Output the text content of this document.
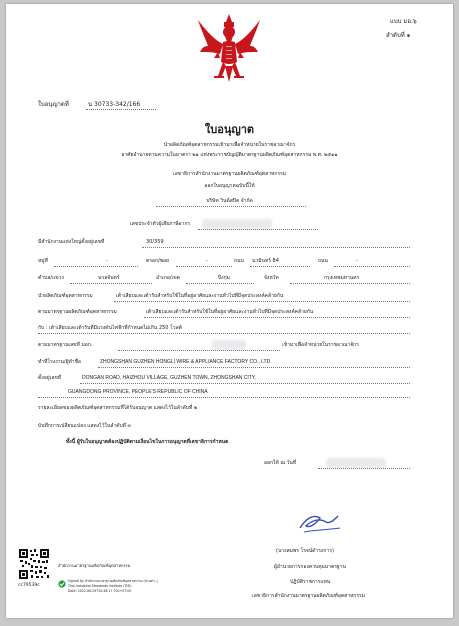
แบบ มอ.๖
ลำดับที่ ๑
ใบอนุญาตที่	น 30733-342/166
ใบอนุญาต
นำผลิตภัณฑ์อุตสาหกรรมเข้ามาเพื่อจำหน่ายในราชอาณาจักร
อาศัยอำนาจตามความในมาตรา ๒๑ แห่งพระราชบัญญัติมาตรฐานผลิตภัณฑ์อุตสาหกรรม พ.ศ. ๒๕๑๑
เลขาธิการสำนักงานมาตรฐานผลิตภัณฑ์อุตสาหกรรม
ออกใบอนุญาตฉบับนี้ให้
บริษัท วินด์สปิด จำกัด
เลขประจำตัวผู้เสียภาษีอากร
มีสำนักงานแห่งใหญ่ตั้งอยู่เลขที่	30/359
หมู่ที่	-	ตรอก/ซอย	-	ถนน นวมินทร์ 84	ถนน	-
ตำบล/แขวง	นวลจันทร์	อำเภอ/เขต	บึงกุ่ม	จังหวัด	กรุงเทพมหานคร
นำผลิตภัณฑ์อุตสาหกรรม	เต้าเสียบและเต้ารับสำหรับใช้ในที่อยู่อาศัยและงานทั่วไปที่มีจุดประสงค์คล้ายกัน
ตามมาตรฐานผลิตภัณฑ์อุตสาหกรรม	เต้าเสียบและเต้ารับสำหรับใช้ในที่อยู่อาศัยและงานทั่วไปที่มีจุดประสงค์คล้ายกัน
กับ : เต้าเสียบและเต้ารับที่มีแรงดันไฟฟ้าที่กำหนดไม่เกิน 250 โวลต์
ตามมาตรฐานเลขที่ มอก.	เข้ามาเพื่อจำหน่ายในราชอาณาจักร
ทำที่โรงงาน/ผู้ทำชื่อ	ZHONGSHAN GUZHEN HONGLI WIRE & APPLIANCE FACTORY CO., LTD.
ตั้งอยู่เลขที่	DONGAN ROAD, HAIZHOU VILLAGE, GUZHEN TOWN, ZHONGSHAN CITY,
GUANGDONG PROVINCE, PEOPLE'S REPUBLIC OF CHINA
รายละเอียดของผลิตภัณฑ์อุตสาหกรรมที่ได้รับอนุญาต แสดงไว้ในลำดับที่ ๒
บันทึกการเปลี่ยนแปลง แสดงไว้ในลำดับที่ ๓
ทั้งนี้ ผู้รับใบอนุญาตต้องปฏิบัติตามเงื่อนไขในการอนุญาตที่เลขาธิการกำหนด
ออกให้ ณ วันที่
(นางสมพร โรจน์ดำรงการ)
ผู้อำนวยการกองควบคุมมาตรฐาน
ปฏิบัติราชการแทน
เลขาธิการสำนักงานมาตรฐานผลิตภัณฑ์อุตสาหกรรม
cc79539c
สำนักงานมาตรฐานผลิตภัณฑ์อุตสาหกรรม
Signed by สำนักงานมาตรฐานผลิตภัณฑ์อุตสาหกรรม (ส่วนตำ..)
Thai Industrial Standards Institute (TISI)
Date: 2022-06-29T10:48:17.700+07:00
